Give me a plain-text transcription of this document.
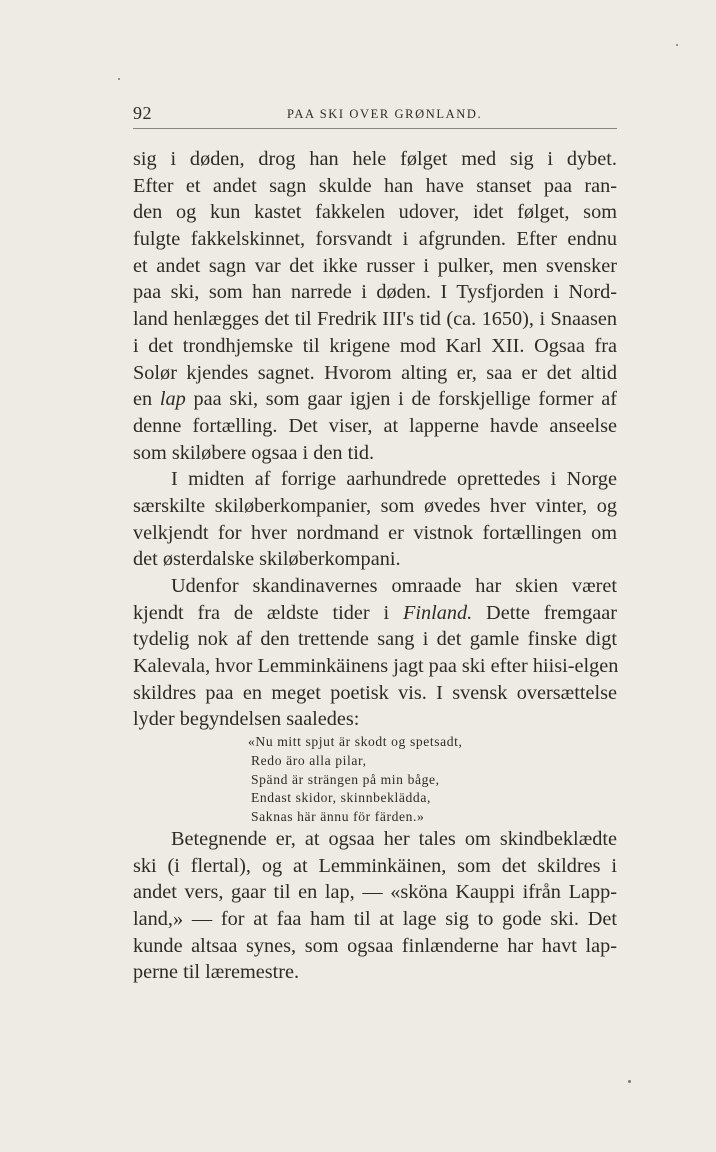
92	PAA SKI OVER GRØNLAND.
sig i døden, drog han hele følget med sig i dybet.
Efter et andet sagn skulde han have stanset paa ran-
den og kun kastet fakkelen udover, idet følget, som
fulgte fakkelskinnet, forsvandt i afgrunden. Efter endnu
et andet sagn var det ikke russer i pulker, men svensker
paa ski, som han narrede i døden. I Tysfjorden i Nord-
land henlægges det til Fredrik III's tid (ca. 1650), i Snaasen
i det trondhjemske til krigene mod Karl XII. Ogsaa fra
Solør kjendes sagnet. Hvorom alting er, saa er det altid
en lap paa ski, som gaar igjen i de forskjellige former af
denne fortælling. Det viser, at lapperne havde anseelse
som skiløbere ogsaa i den tid.
I midten af forrige aarhundrede oprettedes i Norge
særskilte skiløberkompanier, som øvedes hver vinter, og
velkjendt for hver nordmand er vistnok fortællingen om
det østerdalske skiløberkompani.
Udenfor skandinavernes omraade har skien været
kjendt fra de ældste tider i Finland. Dette fremgaar
tydelig nok af den trettende sang i det gamle finske digt
Kalevala, hvor Lemminkäinens jagt paa ski efter hiisi-elgen
skildres paa en meget poetisk vis. I svensk oversættelse
lyder begyndelsen saaledes:
«Nu mitt spjut är skodt og spetsadt,
Redo äro alla pilar,
Spänd är strängen på min båge,
Endast skidor, skinnbeklädda,
Saknas här ännu för färden.»
Betegnende er, at ogsaa her tales om skindbeklædte
ski (i flertal), og at Lemminkäinen, som det skildres i
andet vers, gaar til en lap, — «sköna Kauppi ifrån Lapp-
land,» — for at faa ham til at lage sig to gode ski. Det
kunde altsaa synes, som ogsaa finlænderne har havt lap-
perne til læremestre.
